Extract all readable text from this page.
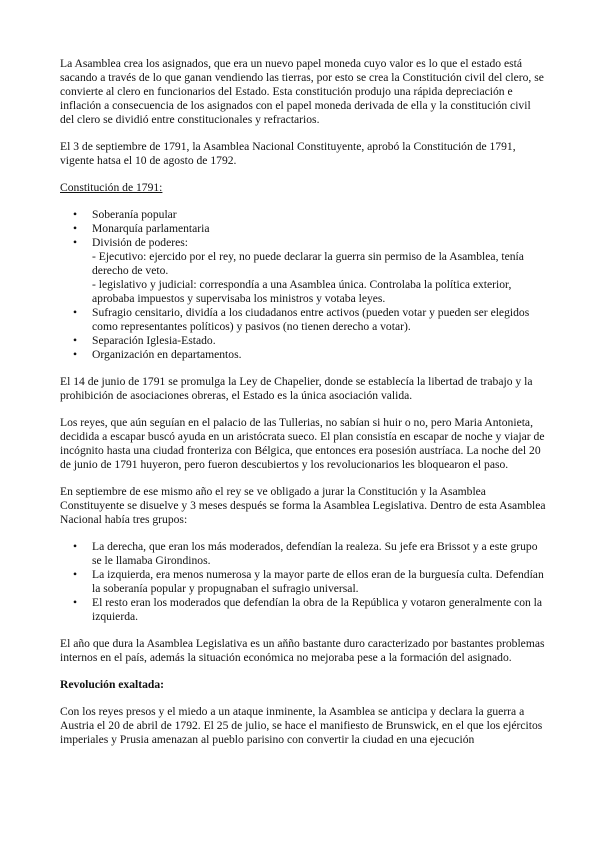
La Asamblea crea los asignados, que era un nuevo papel moneda cuyo valor es lo que el estado está sacando a través de lo que ganan vendiendo las tierras, por esto se crea la Constitución civil del clero, se convierte al clero en funcionarios del Estado. Esta constitución produjo una rápida depreciación e inflación a consecuencia de los asignados con el papel moneda derivada de ella y la constitución civil del clero se dividió entre constitucionales y refractarios.

El 3 de septiembre de 1791, la Asamblea Nacional Constituyente, aprobó la Constitución de 1791, vigente hatsa el 10 de agosto de 1792.

Constitución de 1791:
• Soberanía popular
• Monarquía parlamentaria
• División de poderes:
- Ejecutivo: ejercido por el rey, no puede declarar la guerra sin permiso de la Asamblea, tenía derecho de veto.
- legislativo y judicial: correspondía a una Asamblea única. Controlaba la política exterior, aprobaba impuestos y supervisaba los ministros y votaba leyes.
• Sufragio censitario, dividía a los ciudadanos entre activos (pueden votar y pueden ser elegidos como representantes políticos) y pasivos (no tienen derecho a votar).
• Separación Iglesia-Estado.
• Organización en departamentos.

El 14 de junio de 1791 se promulga la Ley de Chapelier, donde se establecía la libertad de trabajo y la prohibición de asociaciones obreras, el Estado es la única asociación valida.

Los reyes, que aún seguían en el palacio de las Tullerias, no sabían si huir o no, pero Maria Antonieta, decidida a escapar buscó ayuda en un aristócrata sueco. El plan consistía en escapar de noche y viajar de incógnito hasta una ciudad fronteriza con Bélgica, que entonces era posesión austríaca. La noche del 20 de junio de 1791 huyeron, pero fueron descubiertos y los revolucionarios les bloquearon el paso.

En septiembre de ese mismo año el rey se ve obligado a jurar la Constitución y la Asamblea Constituyente se disuelve y 3 meses después se forma la Asamblea Legislativa. Dentro de esta Asamblea Nacional había tres grupos:

• La derecha, que eran los más moderados, defendían la realeza. Su jefe era Brissot y a este grupo se le llamaba Girondinos.
• La izquierda, era menos numerosa y la mayor parte de ellos eran de la burguesía culta. Defendían la soberanía popular y propugnaban el sufragio universal.
• El resto eran los moderados que defendían la obra de la República y votaron generalmente con la izquierda.

El año que dura la Asamblea Legislativa es un aňño bastante duro caracterizado por bastantes problemas internos en el país, además la situación económica no mejoraba pese a la formación del asignado.

Revolución exaltada:

Con los reyes presos y el miedo a un ataque inminente, la Asamblea se anticipa y declara la guerra a Austria el 20 de abril de 1792. El 25 de julio, se hace el manifiesto de Brunswick, en el que los ejércitos imperiales y Prusia amenazan al pueblo parisino con convertir la ciudad en una ejecución
